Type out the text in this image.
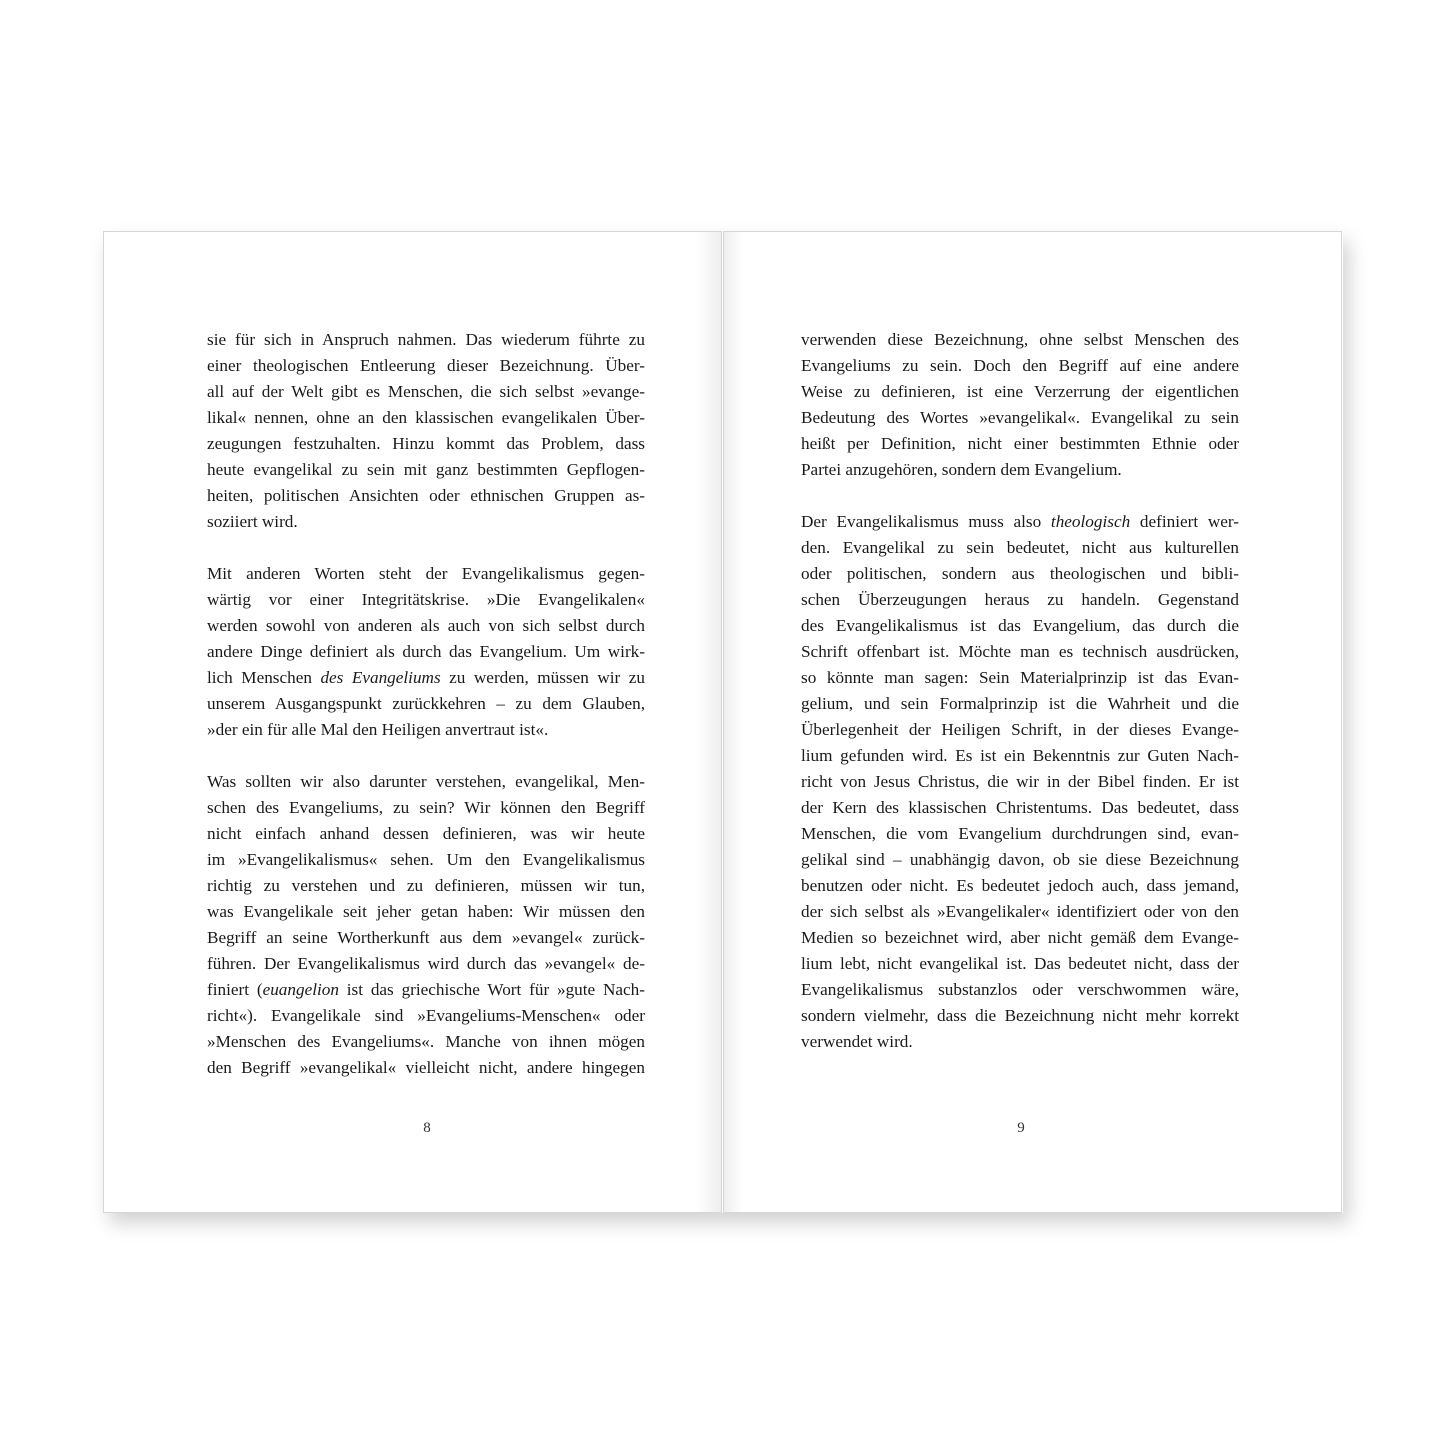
sie für sich in Anspruch nahmen. Das wiederum führte zu
einer theologischen Entleerung dieser Bezeichnung. Über-
all auf der Welt gibt es Menschen, die sich selbst »evange-
likal« nennen, ohne an den klassischen evangelikalen Über-
zeugungen festzuhalten. Hinzu kommt das Problem, dass
heute evangelikal zu sein mit ganz bestimmten Gepflogen-
heiten, politischen Ansichten oder ethnischen Gruppen as-
soziiert wird.

Mit anderen Worten steht der Evangelikalismus gegen-
wärtig vor einer Integritätskrise. »Die Evangelikalen«
werden sowohl von anderen als auch von sich selbst durch
andere Dinge definiert als durch das Evangelium. Um wirk-
lich Menschen des Evangeliums zu werden, müssen wir zu
unserem Ausgangspunkt zurückkehren – zu dem Glauben,
»der ein für alle Mal den Heiligen anvertraut ist«.

Was sollten wir also darunter verstehen, evangelikal, Men-
schen des Evangeliums, zu sein? Wir können den Begriff
nicht einfach anhand dessen definieren, was wir heute
im »Evangelikalismus« sehen. Um den Evangelikalismus
richtig zu verstehen und zu definieren, müssen wir tun,
was Evangelikale seit jeher getan haben: Wir müssen den
Begriff an seine Wortherkunft aus dem »evangel« zurück-
führen. Der Evangelikalismus wird durch das »evangel« de-
finiert (euangelion ist das griechische Wort für »gute Nach-
richt«). Evangelikale sind »Evangeliums-Menschen« oder
»Menschen des Evangeliums«. Manche von ihnen mögen
den Begriff »evangelikal« vielleicht nicht, andere hingegen

8

verwenden diese Bezeichnung, ohne selbst Menschen des
Evangeliums zu sein. Doch den Begriff auf eine andere
Weise zu definieren, ist eine Verzerrung der eigentlichen
Bedeutung des Wortes »evangelikal«. Evangelikal zu sein
heißt per Definition, nicht einer bestimmten Ethnie oder
Partei anzugehören, sondern dem Evangelium.

Der Evangelikalismus muss also theologisch definiert wer-
den. Evangelikal zu sein bedeutet, nicht aus kulturellen
oder politischen, sondern aus theologischen und bibli-
schen Überzeugungen heraus zu handeln. Gegenstand
des Evangelikalismus ist das Evangelium, das durch die
Schrift offenbart ist. Möchte man es technisch ausdrücken,
so könnte man sagen: Sein Materialprinzip ist das Evan-
gelium, und sein Formalprinzip ist die Wahrheit und die
Überlegenheit der Heiligen Schrift, in der dieses Evange-
lium gefunden wird. Es ist ein Bekenntnis zur Guten Nach-
richt von Jesus Christus, die wir in der Bibel finden. Er ist
der Kern des klassischen Christentums. Das bedeutet, dass
Menschen, die vom Evangelium durchdrungen sind, evan-
gelikal sind – unabhängig davon, ob sie diese Bezeichnung
benutzen oder nicht. Es bedeutet jedoch auch, dass jemand,
der sich selbst als »Evangelikaler« identifiziert oder von den
Medien so bezeichnet wird, aber nicht gemäß dem Evange-
lium lebt, nicht evangelikal ist. Das bedeutet nicht, dass der
Evangelikalismus substanzlos oder verschwommen wäre,
sondern vielmehr, dass die Bezeichnung nicht mehr korrekt
verwendet wird.

9
